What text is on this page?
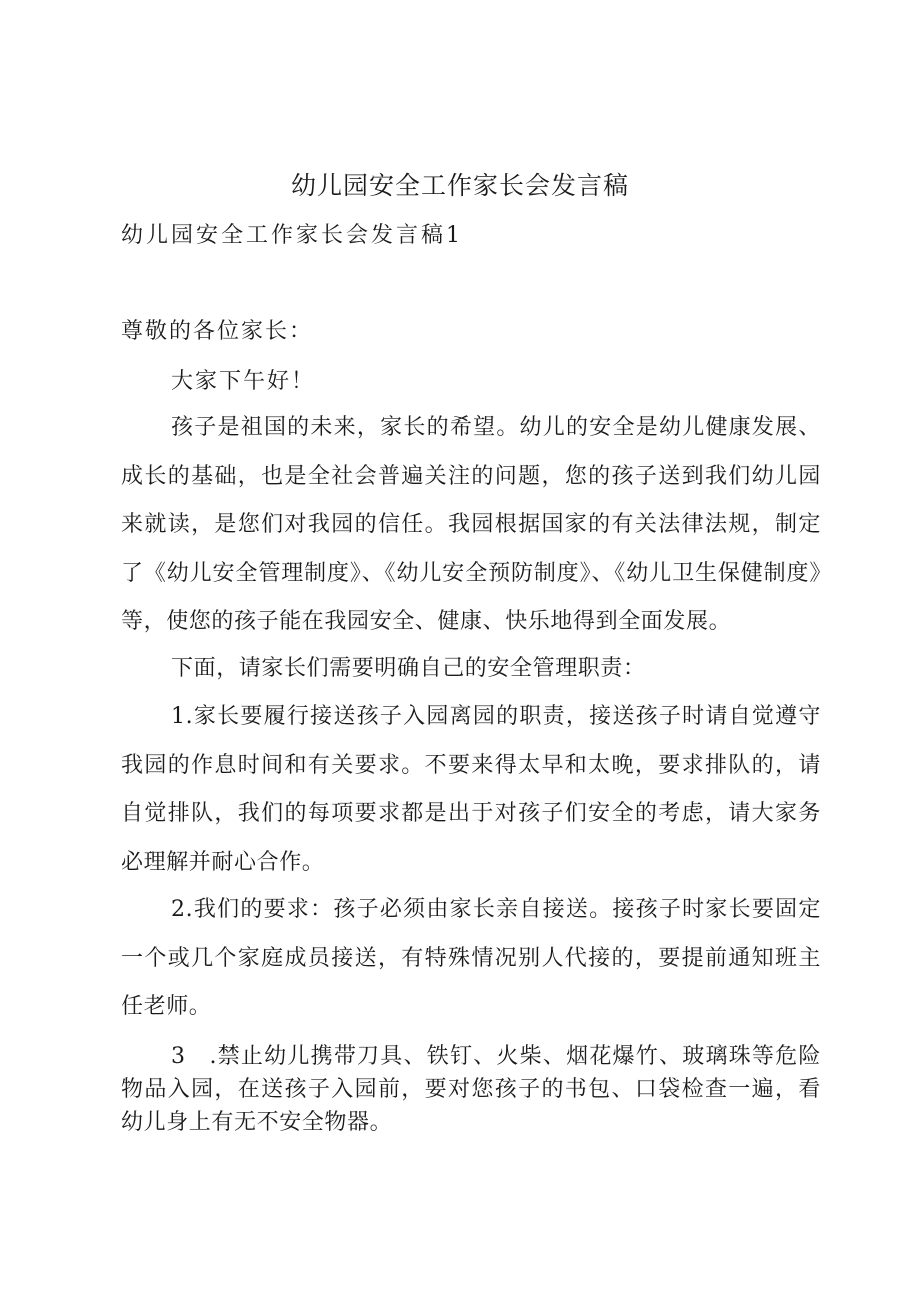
幼儿园安全工作家长会发言稿
幼儿园安全工作家长会发言稿1
尊敬的各位家长：
大家下午好！

孩子是祖国的未来，家长的希望。幼儿的安全是幼儿健康发展、成长的基础，也是全社会普遍关注的问题，您的孩子送到我们幼儿园来就读，是您们对我园的信任。我园根据国家的有关法律法规，制定了《幼儿安全管理制度》、《幼儿安全预防制度》、《幼儿卫生保健制度》等，使您的孩子能在我园安全、健康、快乐地得到全面发展。

下面，请家长们需要明确自己的安全管理职责：

1.家长要履行接送孩子入园离园的职责，接送孩子时请自觉遵守我园的作息时间和有关要求。不要来得太早和太晚，要求排队的，请自觉排队，我们的每项要求都是出于对孩子们安全的考虑，请大家务必理解并耐心合作。

2.我们的要求：孩子必须由家长亲自接送。接孩子时家长要固定一个或几个家庭成员接送，有特殊情况别人代接的，要提前通知班主任老师。

3　.禁止幼儿携带刀具、铁钉、火柴、烟花爆竹、玻璃珠等危险物品入园，在送孩子入园前，要对您孩子的书包、口袋检查一遍，看幼儿身上有无不安全物器。
